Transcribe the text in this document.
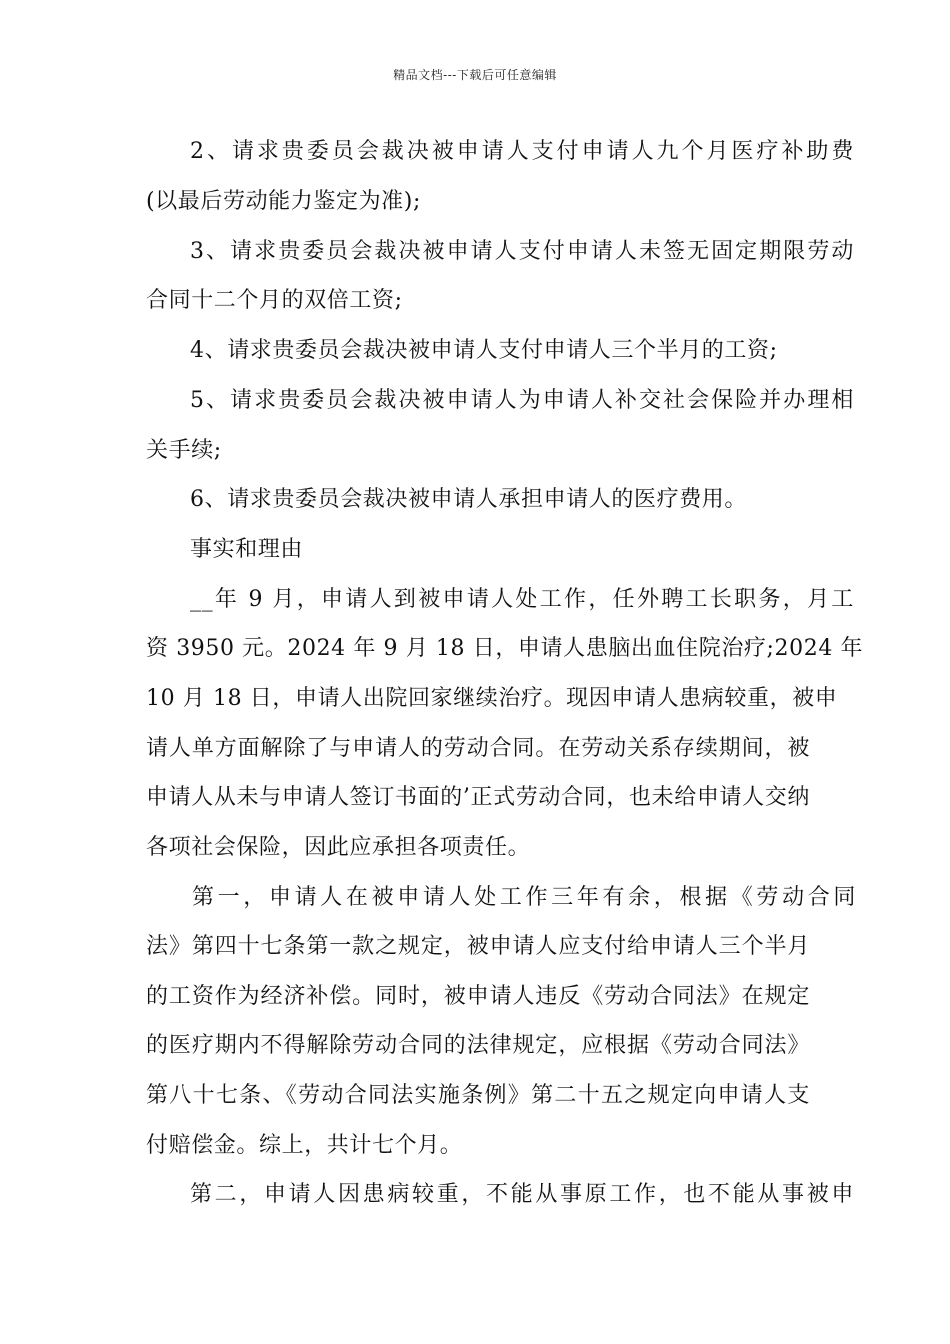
精品文档---下载后可任意编辑
2、请求贵委员会裁决被申请人支付申请人九个月医疗补助费
(以最后劳动能力鉴定为准);
3、请求贵委员会裁决被申请人支付申请人未签无固定期限劳动
合同十二个月的双倍工资;
4、请求贵委员会裁决被申请人支付申请人三个半月的工资;
5、请求贵委员会裁决被申请人为申请人补交社会保险并办理相
关手续;
6、请求贵委员会裁决被申请人承担申请人的医疗费用。
事实和理由
__年 9 月，申请人到被申请人处工作，任外聘工长职务，月工
资 3950 元。2024 年 9 月 18 日，申请人患脑出血住院治疗;2024 年
10 月 18 日，申请人出院回家继续治疗。现因申请人患病较重，被申
请人单方面解除了与申请人的劳动合同。在劳动关系存续期间，被
申请人从未与申请人签订书面的’正式劳动合同，也未给申请人交纳
各项社会保险，因此应承担各项责任。
第一，申请人在被申请人处工作三年有余，根据《劳动合同
法》第四十七条第一款之规定，被申请人应支付给申请人三个半月
的工资作为经济补偿。同时，被申请人违反《劳动合同法》在规定
的医疗期内不得解除劳动合同的法律规定，应根据《劳动合同法》
第八十七条、《劳动合同法实施条例》第二十五之规定向申请人支
付赔偿金。综上，共计七个月。
第二，申请人因患病较重，不能从事原工作，也不能从事被申
